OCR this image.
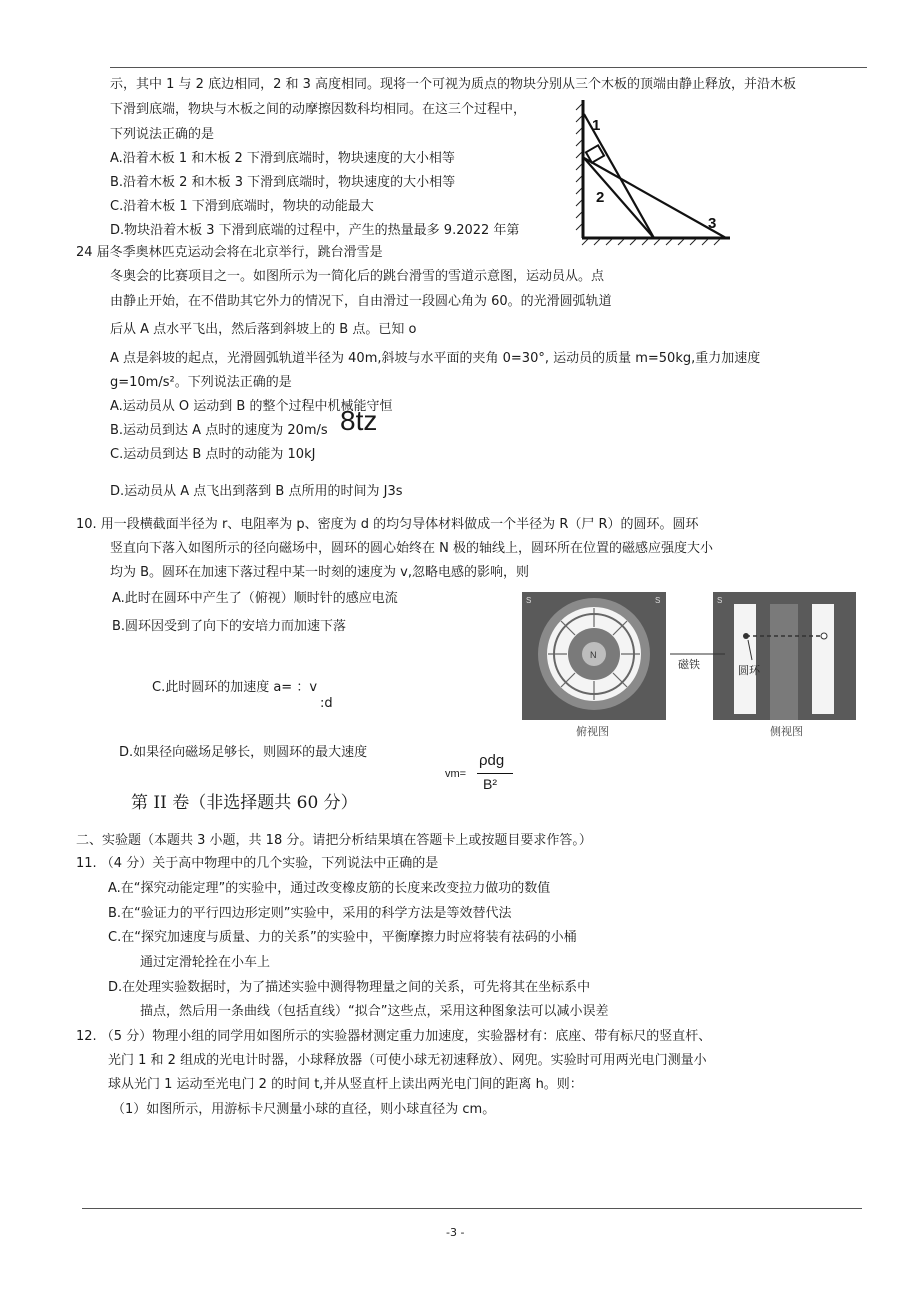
示，其中 1 与 2 底边相同，2 和 3 高度相同。现将一个可视为质点的物块分别从三个木板的顶端由静止释放，并沿木板
下滑到底端，物块与木板之间的动摩擦因数科均相同。在这三个过程中，
下列说法正确的是
A.沿着木板 1 和木板 2 下滑到底端时，物块速度的大小相等
B.沿着木板 2 和木板 3 下滑到底端时，物块速度的大小相等
C.沿着木板 1 下滑到底端时，物块的动能最大
D.物块沿着木板 3 下滑到底端的过程中，产生的热量最多 9.2022 年第
1
2
3
24 届冬季奥林匹克运动会将在北京举行，跳台滑雪是
冬奥会的比赛项目之一。如图所示为一简化后的跳台滑雪的雪道示意图，运动员从。点
由静止开始，在不借助其它外力的情况下，自由滑过一段圆心角为 60。的光滑圆弧轨道
后从 A 点水平飞出，然后落到斜坡上的 B 点。已知 o
A 点是斜坡的起点，光滑圆弧轨道半径为 40m,斜坡与水平面的夹角 0=30°, 运动员的质量 m=50kg,重力加速度
g=10m/s²。下列说法正确的是
A.运动员从 O 运动到 B 的整个过程中机械能守恒
B.运动员到达 A 点时的速度为 20m/s 8tz
C.运动员到达 B 点时的动能为 10kJ
D.运动员从 A 点飞出到落到 B 点所用的时间为 J3s
10. 用一段横截面半径为 r、电阻率为 p、密度为 d 的均匀导体材料做成一个半径为 R（尸 R）的圆环。圆环
竖直向下落入如图所示的径向磁场中，圆环的圆心始终在 N 极的轴线上，圆环所在位置的磁感应强度大小
均为 B。圆环在加速下落过程中某一时刻的速度为 v,忽略电感的影响，则
A.此时在圆环中产生了（俯视）顺时针的感应电流
B.圆环因受到了向下的安培力而加速下落
C.此时圆环的加速度 a= ：v
:d
D.如果径向磁场足够长，则圆环的最大速度
N
S	S
俯视图
磁铁	圆环
S
侧视图
vm=
ρdg
B²
第 II 卷（非选择题共 60 分）
二、实验题（本题共 3 小题，共 18 分。请把分析结果填在答题卡上或按题目要求作答。）
11. （4 分）关于高中物理中的几个实验，下列说法中正确的是
A.在“探究动能定理”的实验中，通过改变橡皮筋的长度来改变拉力做功的数值
B.在“验证力的平行四边形定则”实验中，采用的科学方法是等效替代法
C.在“探究加速度与质量、力的关系”的实验中，平衡摩擦力时应将装有祛码的小桶
通过定滑轮拴在小车上
D.在处理实验数据时，为了描述实验中测得物理量之间的关系，可先将其在坐标系中
描点，然后用一条曲线（包括直线）“拟合”这些点，采用这种图象法可以减小误差
12. （5 分）物理小组的同学用如图所示的实验器材测定重力加速度，实验器材有：底座、带有标尺的竖直杆、
光门 1 和 2 组成的光电计时器，小球释放器（可使小球无初速释放）、网兜。实验时可用两光电门测量小
球从光门 1 运动至光电门 2 的时间 t,并从竖直杆上读出两光电门间的距离 h。则：
（1）如图所示，用游标卡尺测量小球的直径，则小球直径为 cm。
-3 -
